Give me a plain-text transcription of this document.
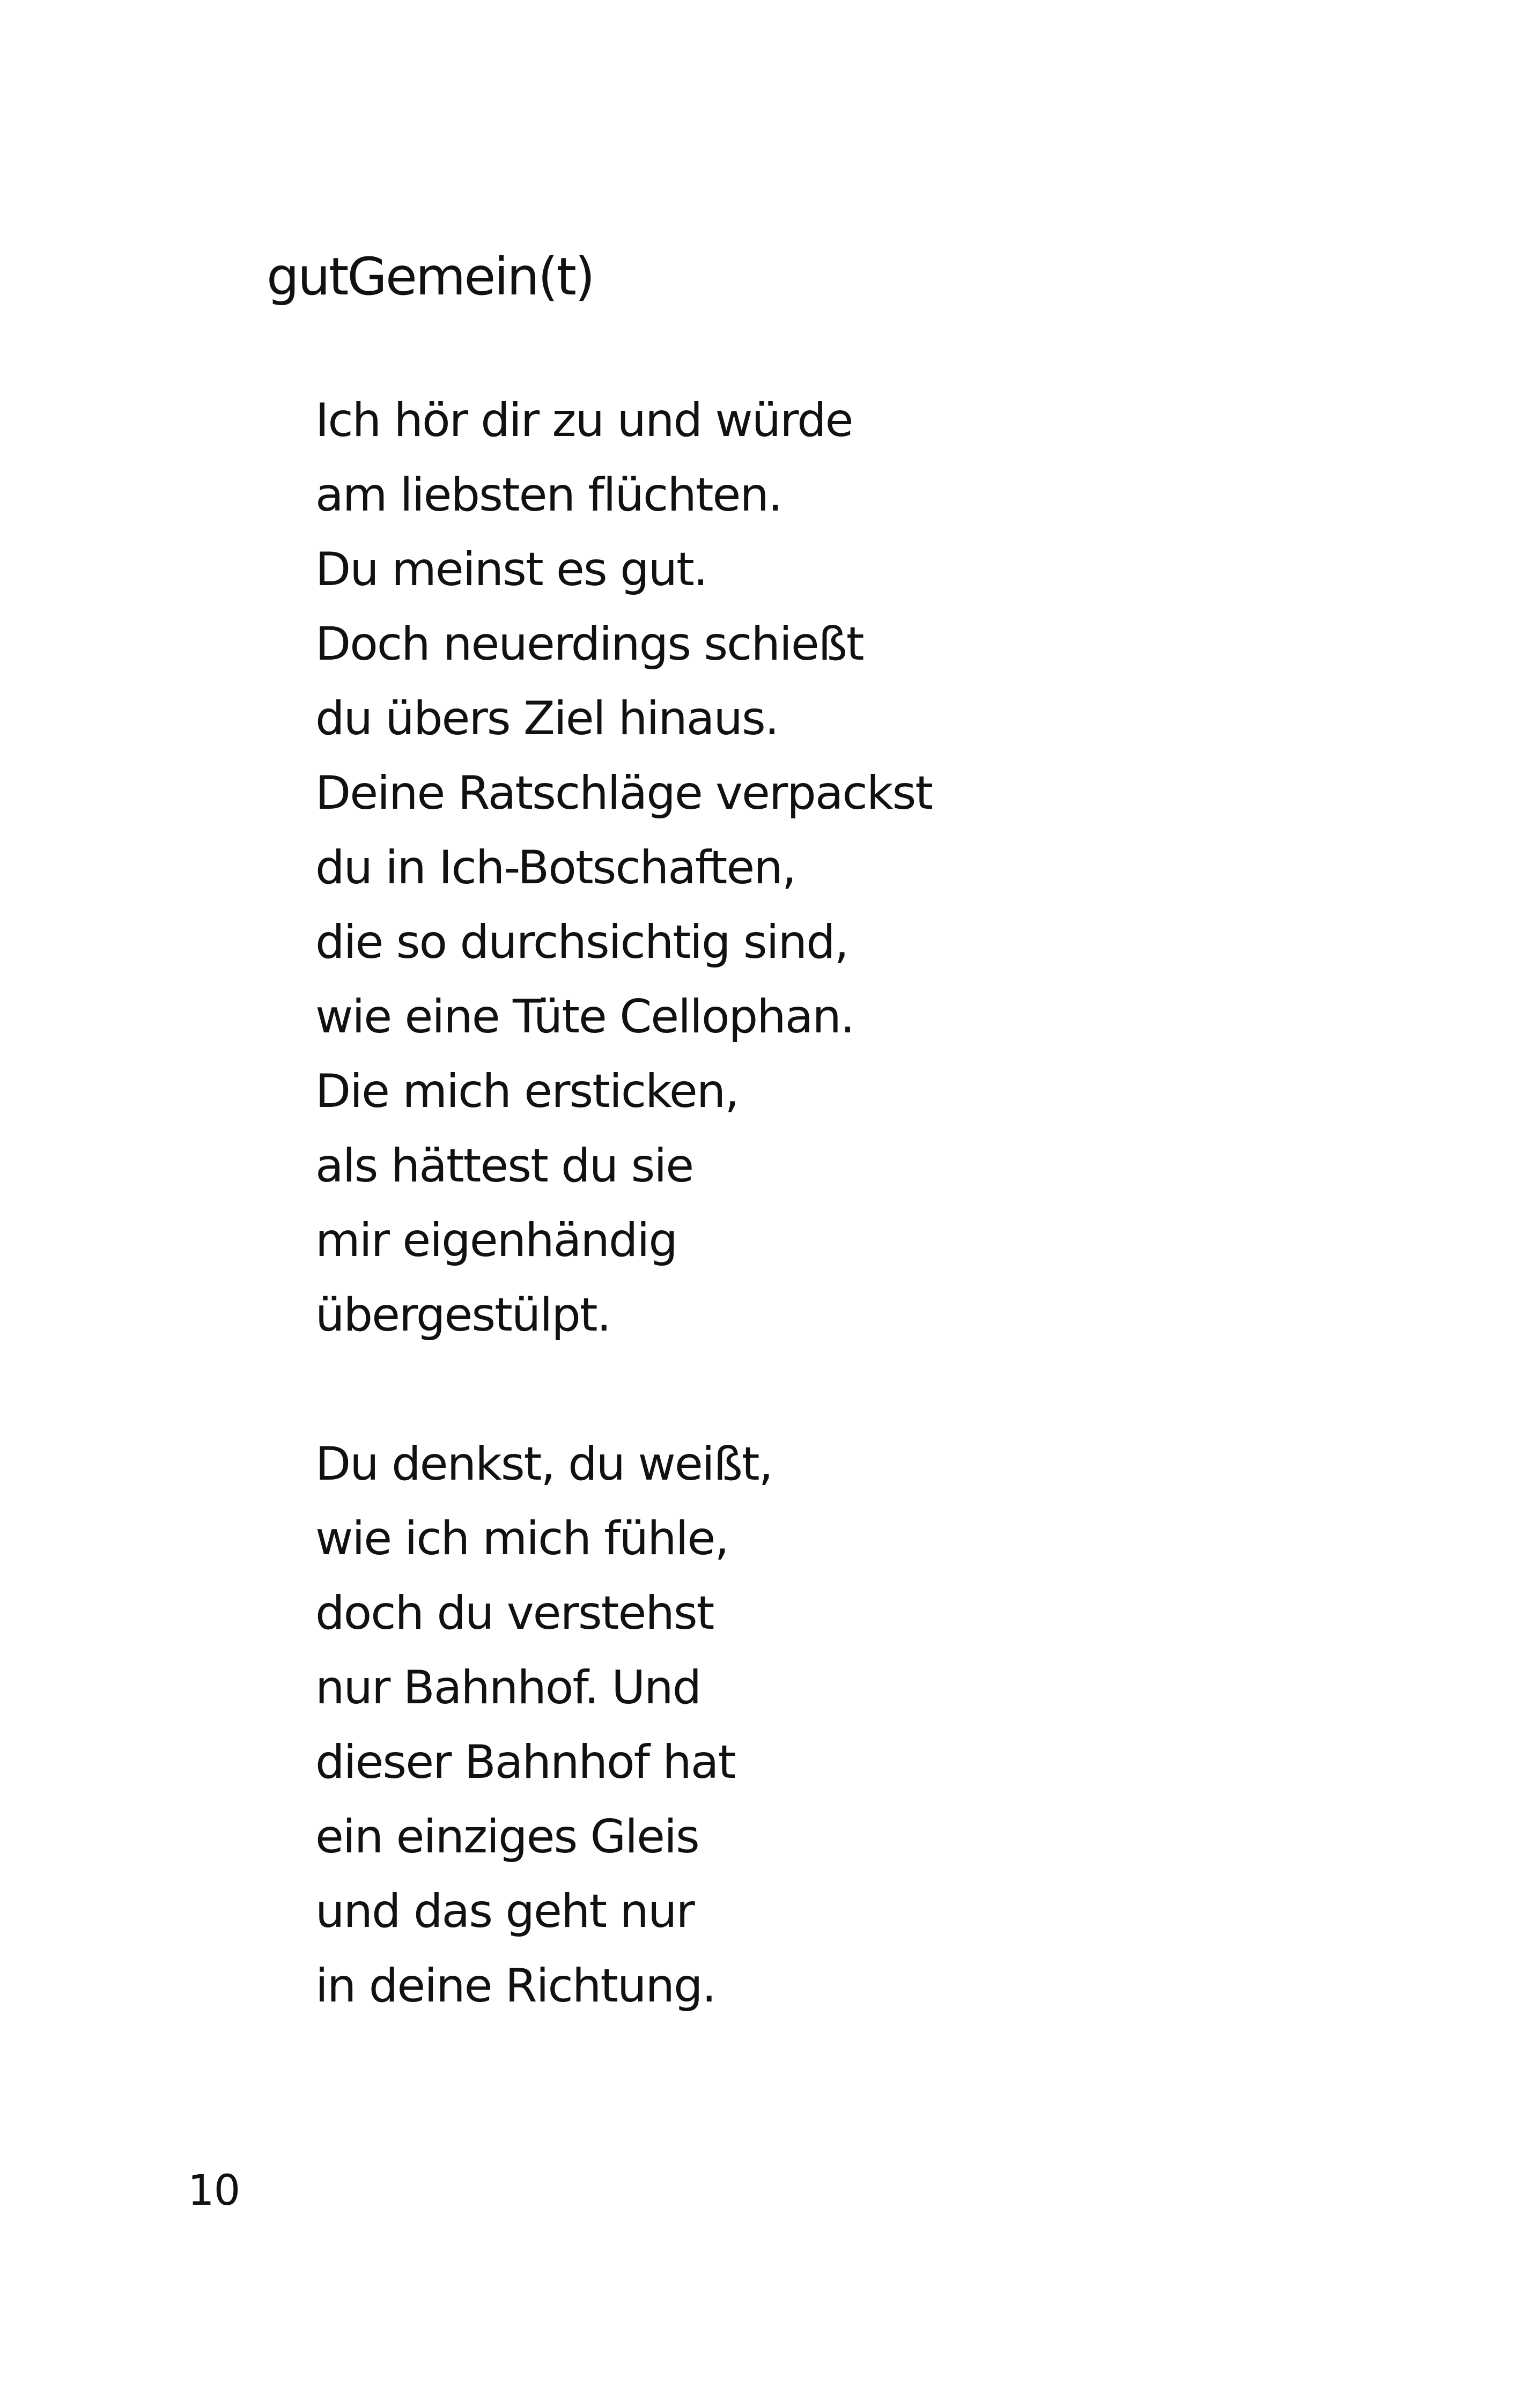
gutGemein(t)
Ich hör dir zu und würde
am liebsten flüchten.
Du meinst es gut.
Doch neuerdings schießt
du übers Ziel hinaus.
Deine Ratschläge verpackst
du in Ich-Botschaften,
die so durchsichtig sind,
wie eine Tüte Cellophan.
Die mich ersticken,
als hättest du sie
mir eigenhändig
übergestülpt.
Du denkst, du weißt,
wie ich mich fühle,
doch du verstehst
nur Bahnhof. Und
dieser Bahnhof hat
ein einziges Gleis
und das geht nur
in deine Richtung.
10
